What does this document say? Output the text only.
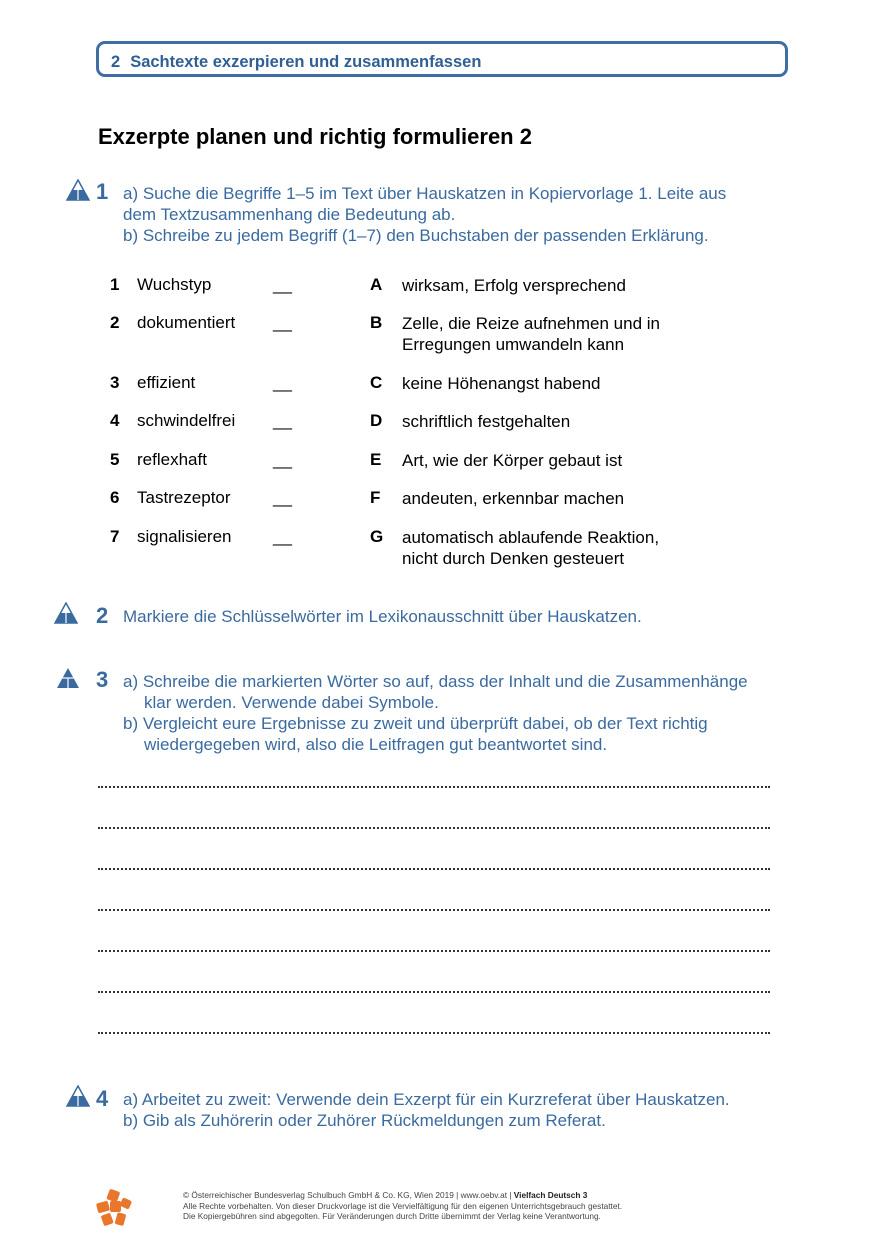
2 Sachtexte exzerpieren und zusammenfassen
Exzerpte planen und richtig formulieren 2
1 a) Suche die Begriffe 1–5 im Text über Hauskatzen in Kopiervorlage 1. Leite aus
dem Textzusammenhang die Bedeutung ab.
b) Schreibe zu jedem Begriff (1–7) den Buchstaben der passenden Erklärung.
1 Wuchstyp	__	A wirksam, Erfolg versprechend
2 dokumentiert __	B Zelle, die Reize aufnehmen und in
Erregungen umwandeln kann
3 effizient	__	C keine Höhenangst habend
4 schwindelfrei __	D schriftlich festgehalten
5 reflexhaft	__	E Art, wie der Körper gebaut ist
6 Tastrezeptor __	F andeuten, erkennbar machen
7 signalisieren __	G automatisch ablaufende Reaktion,
nicht durch Denken gesteuert
2 Markiere die Schlüsselwörter im Lexikonausschnitt über Hauskatzen.
3 a) Schreibe die markierten Wörter so auf, dass der Inhalt und die Zusammenhänge
klar werden. Verwende dabei Symbole.
b) Vergleicht eure Ergebnisse zu zweit und überprüft dabei, ob der Text richtig
wiedergegeben wird, also die Leitfragen gut beantwortet sind.
4 a) Arbeitet zu zweit: Verwende dein Exzerpt für ein Kurzreferat über Hauskatzen.
b) Gib als Zuhörerin oder Zuhörer Rückmeldungen zum Referat.
© Österreichischer Bundesverlag Schulbuch GmbH & Co. KG, Wien 2019 | www.oebv.at | Vielfach Deutsch 3
Alle Rechte vorbehalten. Von dieser Druckvorlage ist die Vervielfältigung für den eigenen Unterrichtsgebrauch gestattet.
Die Kopiergebühren sind abgegolten. Für Veränderungen durch Dritte übernimmt der Verlag keine Verantwortung.
